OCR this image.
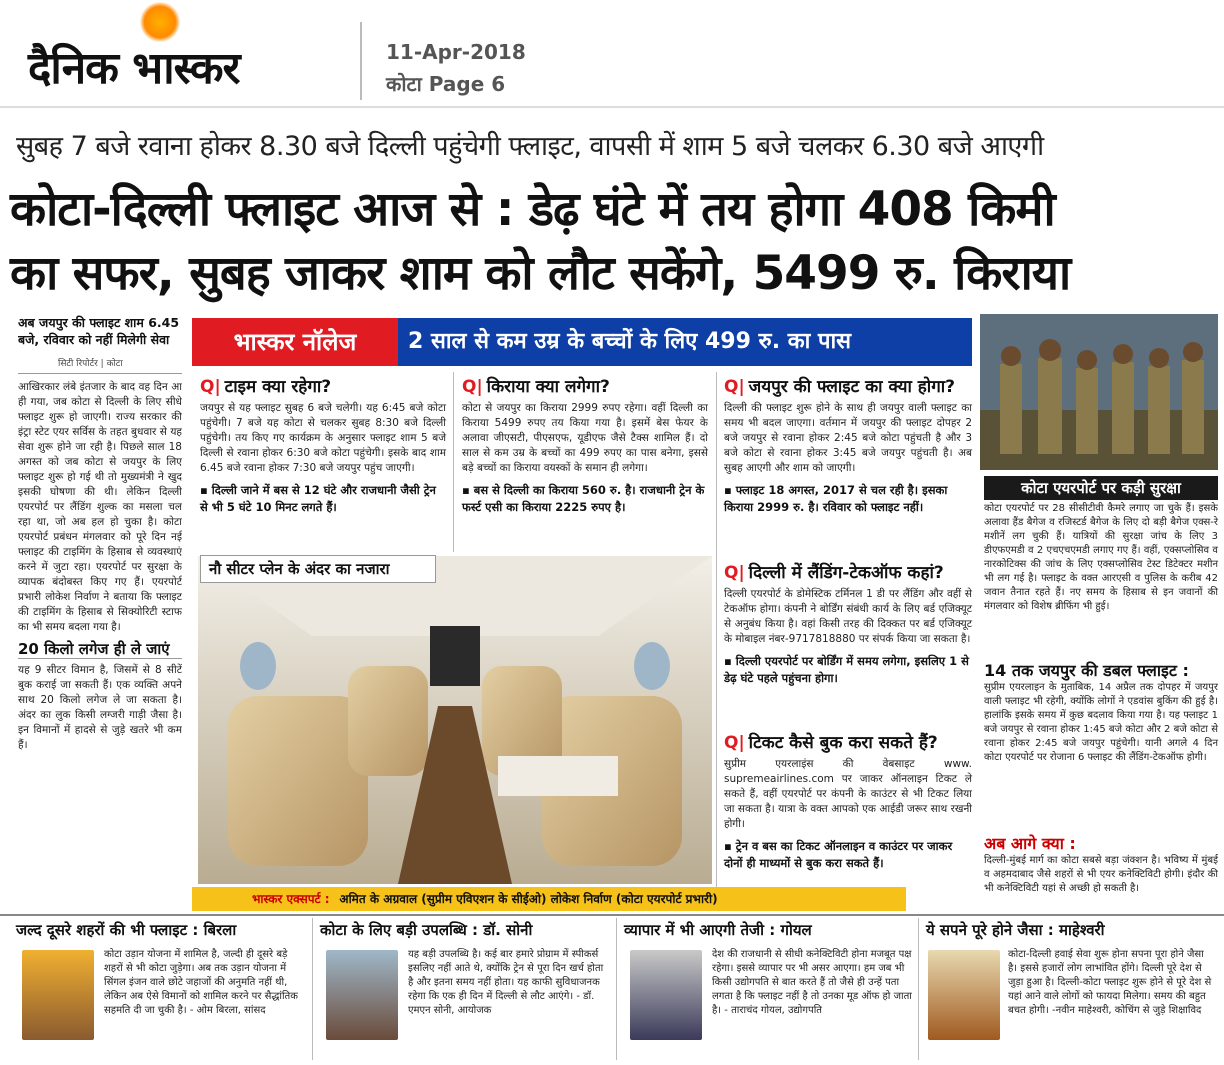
दैनिक भास्कर	11-Apr-2018
कोटा Page 6
सुबह 7 बजे रवाना होकर 8.30 बजे दिल्ली पहुंचेगी फ्लाइट, वापसी में शाम 5 बजे चलकर 6.30 बजे आएगी
कोटा-दिल्ली फ्लाइट आज से : डेढ़ घंटे में तय होगा 408 किमी
का सफर, सुबह जाकर शाम को लौट सकेंगे, 5499 रु. किराया
अब जयपुर की फ्लाइट शाम 6.45 बजे, रविवार को नहीं मिलेगी सेवा
सिटी रिपोर्टर | कोटा
आखिरकार लंबे इंतजार के बाद वह दिन आ ही गया, जब कोटा से दिल्ली के लिए सीधे फ्लाइट शुरू हो जाएगी। राज्य सरकार की इंट्रा स्टेट एयर सर्विस के तहत बुधवार से यह सेवा शुरू होने जा रही है। पिछले साल 18 अगस्त को जब कोटा से जयपुर के लिए फ्लाइट शुरू हो गई थी तो मुख्यमंत्री ने खुद इसकी घोषणा की थी। लेकिन दिल्ली एयरपोर्ट पर लैंडिंग शुल्क का मसला चल रहा था, जो अब हल हो चुका है। कोटा एयरपोर्ट प्रबंधन मंगलवार को पूरे दिन नई फ्लाइट की टाइमिंग के हिसाब से व्यवस्थाएं करने में जुटा रहा। एयरपोर्ट पर सुरक्षा के व्यापक बंदोबस्त किए गए हैं। एयरपोर्ट प्रभारी लोकेश निर्वाण ने बताया कि फ्लाइट की टाइमिंग के हिसाब से सिक्योरिटी स्टाफ का भी समय बदला गया है।
20 किलो लगेज ही ले जाएं
यह 9 सीटर विमान है, जिसमें से 8 सीटें बुक कराई जा सकती हैं। एक व्यक्ति अपने साथ 20 किलो लगेज ले जा सकता है। अंदर का लुक किसी लग्जरी गाड़ी जैसा है। इन विमानों में हादसे से जुड़े खतरे भी कम हैं।
भास्कर नॉलेज	2 साल से कम उम्र के बच्चों के लिए 499 रु. का पास
Q| टाइम क्या रहेगा?
जयपुर से यह फ्लाइट सुबह 6 बजे चलेगी। यह 6:45 बजे कोटा पहुंचेगी। 7 बजे यह कोटा से चलकर सुबह 8:30 बजे दिल्ली पहुंचेगी। तय किए गए कार्यक्रम के अनुसार फ्लाइट शाम 5 बजे दिल्ली से रवाना होकर 6:30 बजे कोटा पहुंचेगी। इसके बाद शाम 6.45 बजे रवाना होकर 7:30 बजे जयपुर पहुंच जाएगी।
▪ दिल्ली जाने में बस से 12 घंटे और राजधानी जैसी ट्रेन से भी 5 घंटे 10 मिनट लगते हैं।
Q| किराया क्या लगेगा?
कोटा से जयपुर का किराया 2999 रुपए रहेगा। वहीं दिल्ली का किराया 5499 रुपए तय किया गया है। इसमें बेस फेयर के अलावा जीएसटी, पीएसएफ, यूडीएफ जैसे टैक्स शामिल हैं। दो साल से कम उम्र के बच्चों का 499 रुपए का पास बनेगा, इससे बड़े बच्चों का किराया वयस्कों के समान ही लगेगा।
▪ बस से दिल्ली का किराया 560 रु. है। राजधानी ट्रेन के फर्स्ट एसी का किराया 2225 रुपए है।
Q| जयपुर की फ्लाइट का क्या होगा?
दिल्ली की फ्लाइट शुरू होने के साथ ही जयपुर वाली फ्लाइट का समय भी बदल जाएगा। वर्तमान में जयपुर की फ्लाइट दोपहर 2 बजे जयपुर से रवाना होकर 2:45 बजे कोटा पहुंचती है और 3 बजे कोटा से रवाना होकर 3:45 बजे जयपुर पहुंचती है। अब सुबह आएगी और शाम को जाएगी।
▪ फ्लाइट 18 अगस्त, 2017 से चल रही है। इसका किराया 2999 रु. है। रविवार को फ्लाइट नहीं।
Q| दिल्ली में लैंडिंग-टेकऑफ कहां?
दिल्ली एयरपोर्ट के डोमेस्टिक टर्मिनल 1 डी पर लैंडिंग और वहीं से टेकऑफ होगा। कंपनी ने बोर्डिंग संबंधी कार्य के लिए बर्ड एजिक्यूट से अनुबंध किया है। वहां किसी तरह की दिक्कत पर बर्ड एजिक्यूट के मोबाइल नंबर-9717818880 पर संपर्क किया जा सकता है।
▪ दिल्ली एयरपोर्ट पर बोर्डिंग में समय लगेगा, इसलिए 1 से डेढ़ घंटे पहले पहुंचना होगा।
Q| टिकट कैसे बुक करा सकते हैं?
सुप्रीम एयरलाइंस की वेबसाइट www. supremeairlines.com पर जाकर ऑनलाइन टिकट ले सकते हैं, वहीं एयरपोर्ट पर कंपनी के काउंटर से भी टिकट लिया जा सकता है। यात्रा के वक्त आपको एक आईडी जरूर साथ रखनी होगी।
▪ ट्रेन व बस का टिकट ऑनलाइन व काउंटर पर जाकर दोनों ही माध्यमों से बुक करा सकते हैं।
नौ सीटर प्लेन के अंदर का नजारा
भास्कर एक्सपर्ट : अमित के अग्रवाल (सुप्रीम एविएशन के सीईओ) लोकेश निर्वाण (कोटा एयरपोर्ट प्रभारी)
कोटा एयरपोर्ट पर कड़ी सुरक्षा
कोटा एयरपोर्ट पर 28 सीसीटीवी कैमरे लगाए जा चुके हैं। इसके अलावा हैंड बैगेज व रजिस्टर्ड बैगेज के लिए दो बड़ी बैगेज एक्स-रे मशीनें लग चुकी हैं। यात्रियों की सुरक्षा जांच के लिए 3 डीएफएमडी व 2 एचएचएमडी लगाए गए हैं। वहीं, एक्सप्लोसिव व नारकोटिक्स की जांच के लिए एक्सप्लोसिव टेस्ट डिटेक्टर मशीन भी लग गई है। फ्लाइट के वक्त आरएसी व पुलिस के करीब 42 जवान तैनात रहते हैं। नए समय के हिसाब से इन जवानों की मंगलवार को विशेष ब्रीफिंग भी हुई।
14 तक जयपुर की डबल फ्लाइट :
सुप्रीम एयरलाइन के मुताबिक, 14 अप्रैल तक दोपहर में जयपुर वाली फ्लाइट भी रहेगी, क्योंकि लोगों ने एडवांस बुकिंग की हुई है। हालांकि इसके समय में कुछ बदलाव किया गया है। यह फ्लाइट 1 बजे जयपुर से रवाना होकर 1:45 बजे कोटा और 2 बजे कोटा से रवाना होकर 2:45 बजे जयपुर पहुंचेगी। यानी अगले 4 दिन कोटा एयरपोर्ट पर रोजाना 6 फ्लाइट की लैंडिंग-टेकऑफ होगी।
अब आगे क्या :
दिल्ली-मुंबई मार्ग का कोटा सबसे बड़ा जंक्शन है। भविष्य में मुंबई व अहमदाबाद जैसे शहरों से भी एयर कनेक्टिविटी होगी। इंदौर की भी कनेक्टिविटी यहां से अच्छी हो सकती है।
जल्द दूसरे शहरों की भी फ्लाइट : बिरला
कोटा उड़ान योजना में शामिल है, जल्दी ही दूसरे बड़े शहरों से भी कोटा जुड़ेगा। अब तक उड़ान योजना में सिंगल इंजन वाले छोटे जहाजों की अनुमति नहीं थी, लेकिन अब ऐसे विमानों को शामिल करने पर सैद्धांतिक सहमति दी जा चुकी है। - ओम बिरला, सांसद
कोटा के लिए बड़ी उपलब्धि : डॉ. सोनी
यह बड़ी उपलब्धि है। कई बार हमारे प्रोग्राम में स्पीकर्स इसलिए नहीं आते थे, क्योंकि ट्रेन से पूरा दिन खर्च होता है और इतना समय नहीं होता। यह काफी सुविधाजनक रहेगा कि एक ही दिन में दिल्ली से लौट आएंगे। - डॉ. एमएन सोनी, आयोजक
व्यापार में भी आएगी तेजी : गोयल
देश की राजधानी से सीधी कनेक्टिविटी होना मजबूत पक्ष रहेगा। इससे व्यापार पर भी असर आएगा। हम जब भी किसी उद्योगपति से बात करते हैं तो जैसे ही उन्हें पता लगता है कि फ्लाइट नहीं है तो उनका मूड ऑफ हो जाता है। - ताराचंद गोयल, उद्योगपति
ये सपने पूरे होने जैसा : माहेश्वरी
कोटा-दिल्ली हवाई सेवा शुरू होना सपना पूरा होने जैसा है। इससे हजारों लोग लाभांवित होंगे। दिल्ली पूरे देश से जुड़ा हुआ है। दिल्ली-कोटा फ्लाइट शुरू होने से पूरे देश से यहां आने वाले लोगों को फायदा मिलेगा। समय की बहुत बचत होगी। -नवीन माहेश्वरी, कोचिंग से जुड़े शिक्षाविद
